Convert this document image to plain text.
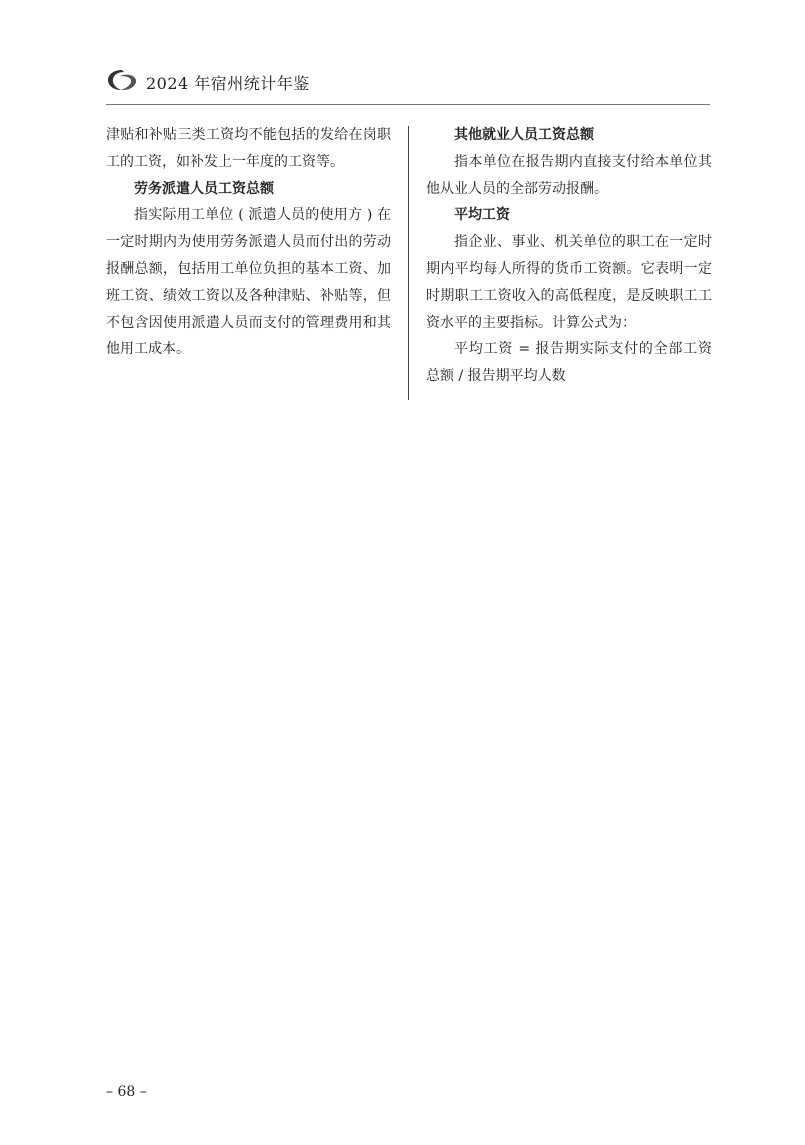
2024 年宿州统计年鉴

津贴和补贴三类工资均不能包括的发给在岗职工的工资，如补发上一年度的工资等。

劳务派遣人员工资总额

指实际用工单位 ( 派遣人员的使用方 ) 在一定时期内为使用劳务派遣人员而付出的劳动报酬总额，包括用工单位负担的基本工资、加班工资、绩效工资以及各种津贴、补贴等，但不包含因使用派遣人员而支付的管理费用和其他用工成本。

其他就业人员工资总额

指本单位在报告期内直接支付给本单位其他从业人员的全部劳动报酬。

平均工资

指企业、事业、机关单位的职工在一定时期内平均每人所得的货币工资额。它表明一定时期职工工资收入的高低程度，是反映职工工资水平的主要指标。计算公式为：

平均工资 = 报告期实际支付的全部工资总额 / 报告期平均人数

– 68 –
